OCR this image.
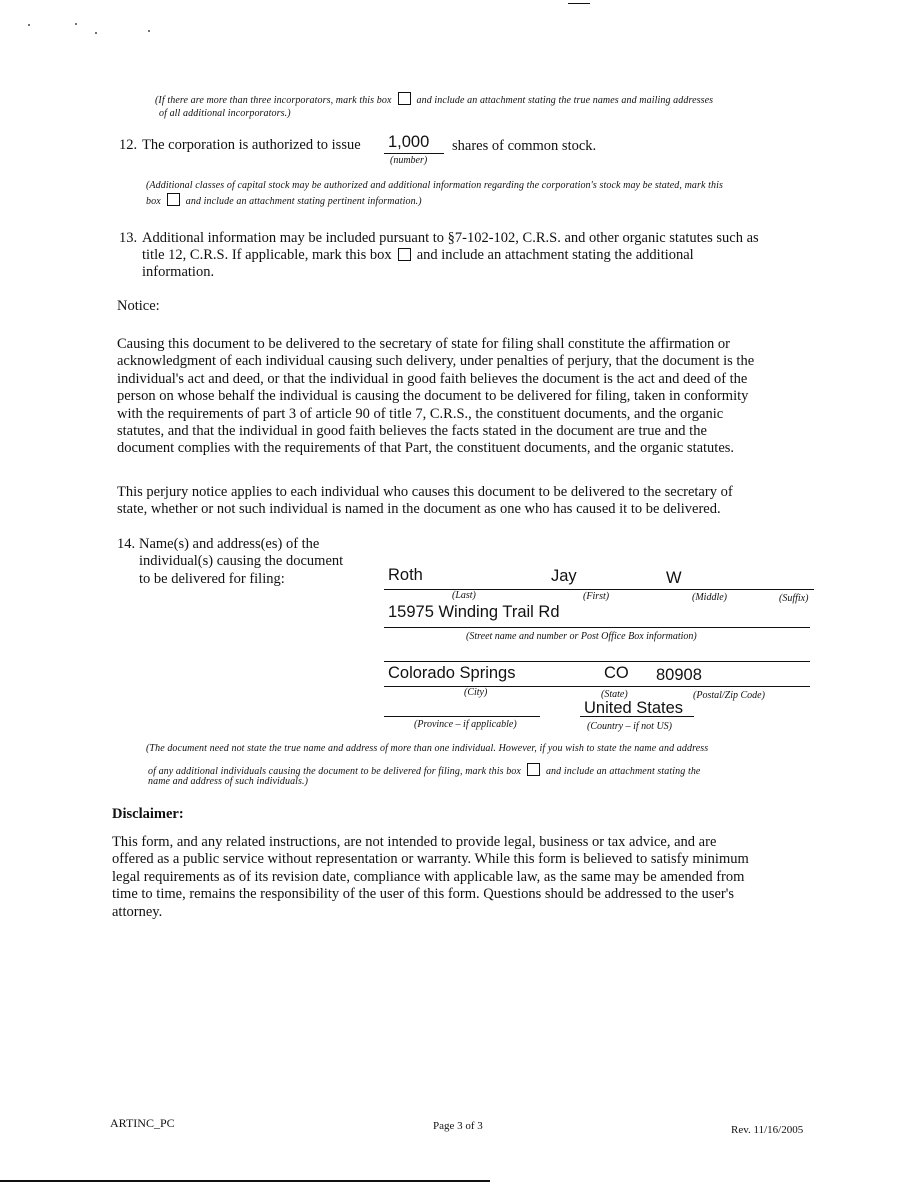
(If there are more than three incorporators, mark this box	and include an attachment stating the true names and mailing addresses
of all additional incorporators.)
12. The corporation is authorized to issue 1,000
(number)
shares of common stock.
(Additional classes of capital stock may be authorized and additional information regarding the corporation's stock may be stated, mark this
box	and include an attachment stating pertinent information.)
13. Additional information may be included pursuant to §7-102-102, C.R.S. and other organic statutes such as
title 12, C.R.S. If applicable, mark this box and include an attachment stating the additional
information.
Notice:
Causing this document to be delivered to the secretary of state for filing shall constitute the affirmation or
acknowledgment of each individual causing such delivery, under penalties of perjury, that the document is the
individual's act and deed, or that the individual in good faith believes the document is the act and deed of the
person on whose behalf the individual is causing the document to be delivered for filing, taken in conformity
with the requirements of part 3 of article 90 of title 7, C.R.S., the constituent documents, and the organic
statutes, and that the individual in good faith believes the facts stated in the document are true and the
document complies with the requirements of that Part, the constituent documents, and the organic statutes.
This perjury notice applies to each individual who causes this document to be delivered to the secretary of
state, whether or not such individual is named in the document as one who has caused it to be delivered.
14. Name(s) and address(es) of the
individual(s) causing the document
to be delivered for filing:	Roth	Jay	W
(Last)	(First)	(Middle)	(Suffix)
15975 Winding Trail Rd
(Street name and number or Post Office Box information)
Colorado Springs	CO 80908
(City)	(State)	(Postal/Zip Code)
United States
(Province – if applicable)	(Country – if not US)
(The document need not state the true name and address of more than one individual. However, if you wish to state the name and address
of any additional individuals causing the document to be delivered for filing, mark this box	and include an attachment stating the
name and address of such individuals.)
Disclaimer:
This form, and any related instructions, are not intended to provide legal, business or tax advice, and are
offered as a public service without representation or warranty. While this form is believed to satisfy minimum
legal requirements as of its revision date, compliance with applicable law, as the same may be amended from
time to time, remains the responsibility of the user of this form. Questions should be addressed to the user's
attorney.
ARTINC_PC	Page 3 of 3	Rev. 11/16/2005
